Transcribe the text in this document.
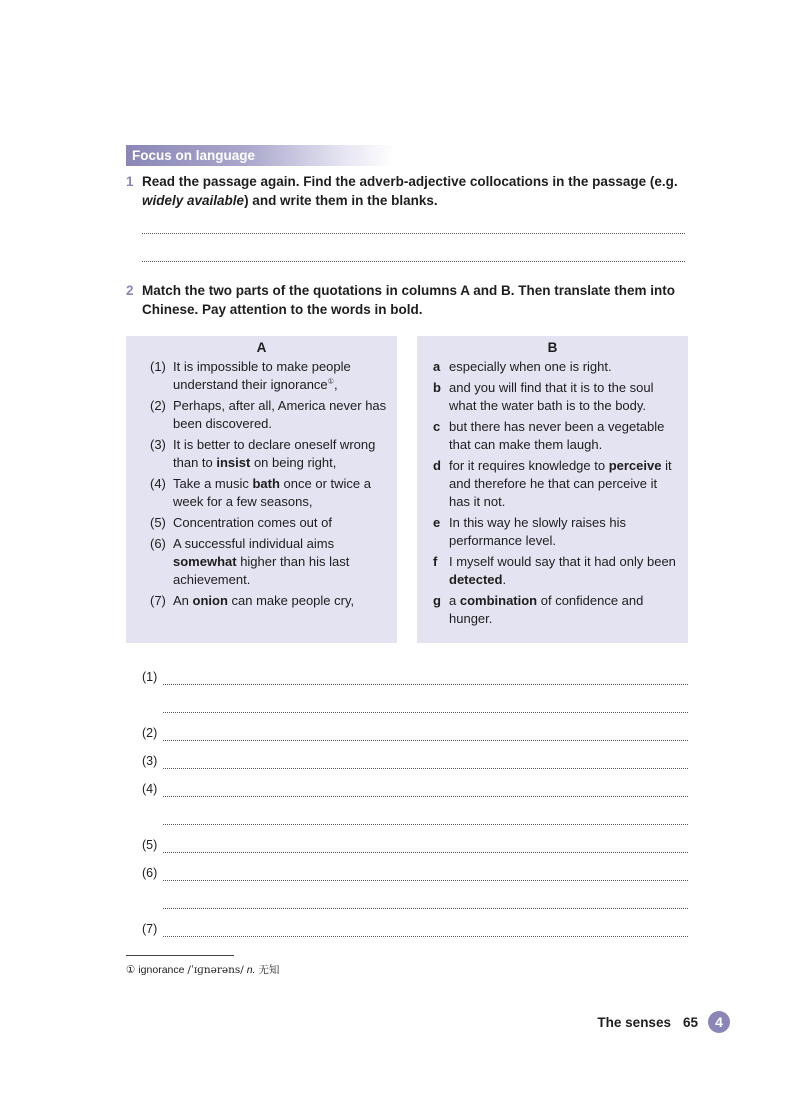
Focus on language
1 Read the passage again. Find the adverb-adjective collocations in the passage (e.g. widely available) and write them in the blanks.
2 Match the two parts of the quotations in columns A and B. Then translate them into Chinese. Pay attention to the words in bold.
A
(1) It is impossible to make people understand their ignorance①,
(2) Perhaps, after all, America never has been discovered.
(3) It is better to declare oneself wrong than to insist on being right,
(4) Take a music bath once or twice a week for a few seasons,
(5) Concentration comes out of
(6) A successful individual aims somewhat higher than his last achievement.
(7) An onion can make people cry,
B
a especially when one is right.
b and you will find that it is to the soul what the water bath is to the body.
c but there has never been a vegetable that can make them laugh.
d for it requires knowledge to perceive it and therefore he that can perceive it has it not.
e In this way he slowly raises his performance level.
f I myself would say that it had only been detected.
g a combination of confidence and hunger.
(1)
(2)
(3)
(4)
(5)
(6)
(7)
① ignorance /ˈɪɡnərəns/ n. 无知
The senses 65	4
